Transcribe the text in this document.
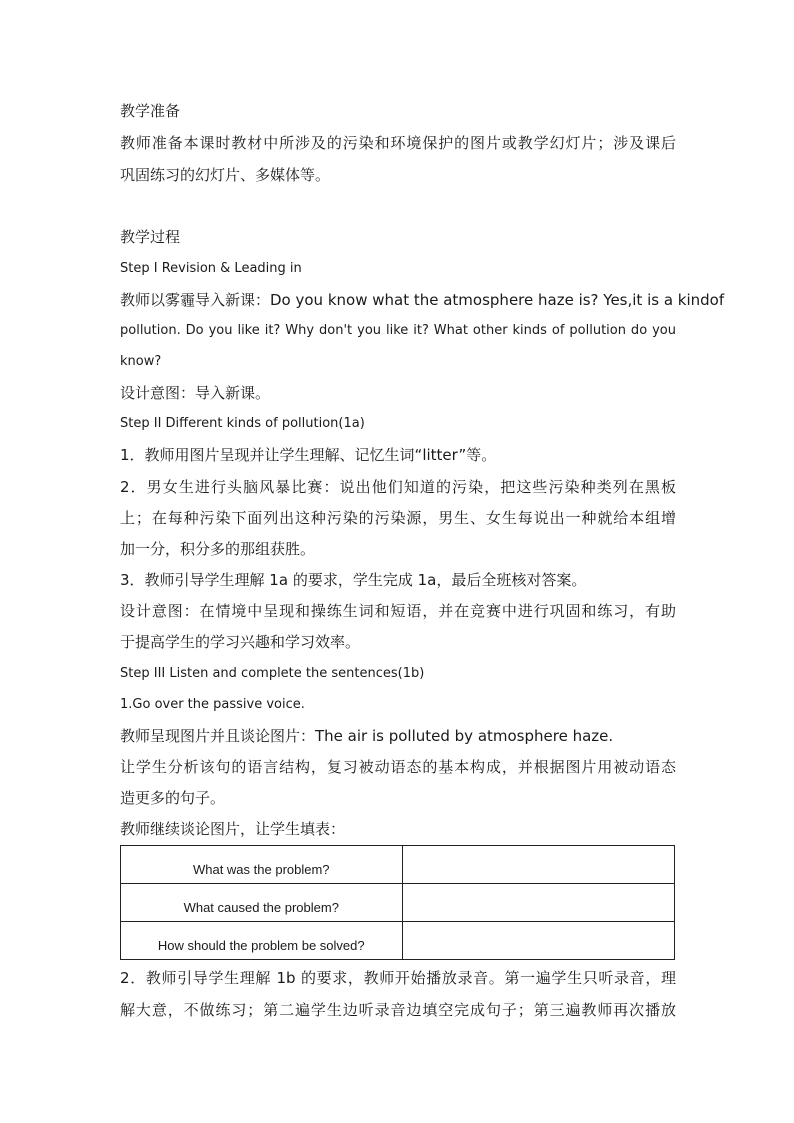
教学准备
教师准备本课时教材中所涉及的污染和环境保护的图片或教学幻灯片；涉及课后
巩固练习的幻灯片、多媒体等。
教学过程
Step I Revision & Leading in
教师以雾霾导入新课：Do you know what the atmosphere haze is? Yes,it is a kindof
pollution. Do you like it? Why don't you like it? What other kinds of pollution do you
know?
设计意图：导入新课。
Step II Different kinds of pollution(1a)
1．教师用图片呈现并让学生理解、记忆生词“litter”等。
2．男女生进行头脑风暴比赛：说出他们知道的污染，把这些污染种类列在黑板
上；在每种污染下面列出这种污染的污染源，男生、女生每说出一种就给本组增
加一分，积分多的那组获胜。
3．教师引导学生理解 1a 的要求，学生完成 1a，最后全班核对答案。
设计意图：在情境中呈现和操练生词和短语，并在竞赛中进行巩固和练习，有助
于提高学生的学习兴趣和学习效率。
Step III Listen and complete the sentences(1b)
1.Go over the passive voice.
教师呈现图片并且谈论图片：The air is polluted by atmosphere haze.
让学生分析该句的语言结构，复习被动语态的基本构成，并根据图片用被动语态
造更多的句子。
教师继续谈论图片，让学生填表：
What was the problem?	
What caused the problem?	
How should the problem be solved?	
2．教师引导学生理解 1b 的要求，教师开始播放录音。第一遍学生只听录音，理
解大意，不做练习；第二遍学生边听录音边填空完成句子；第三遍教师再次播放
